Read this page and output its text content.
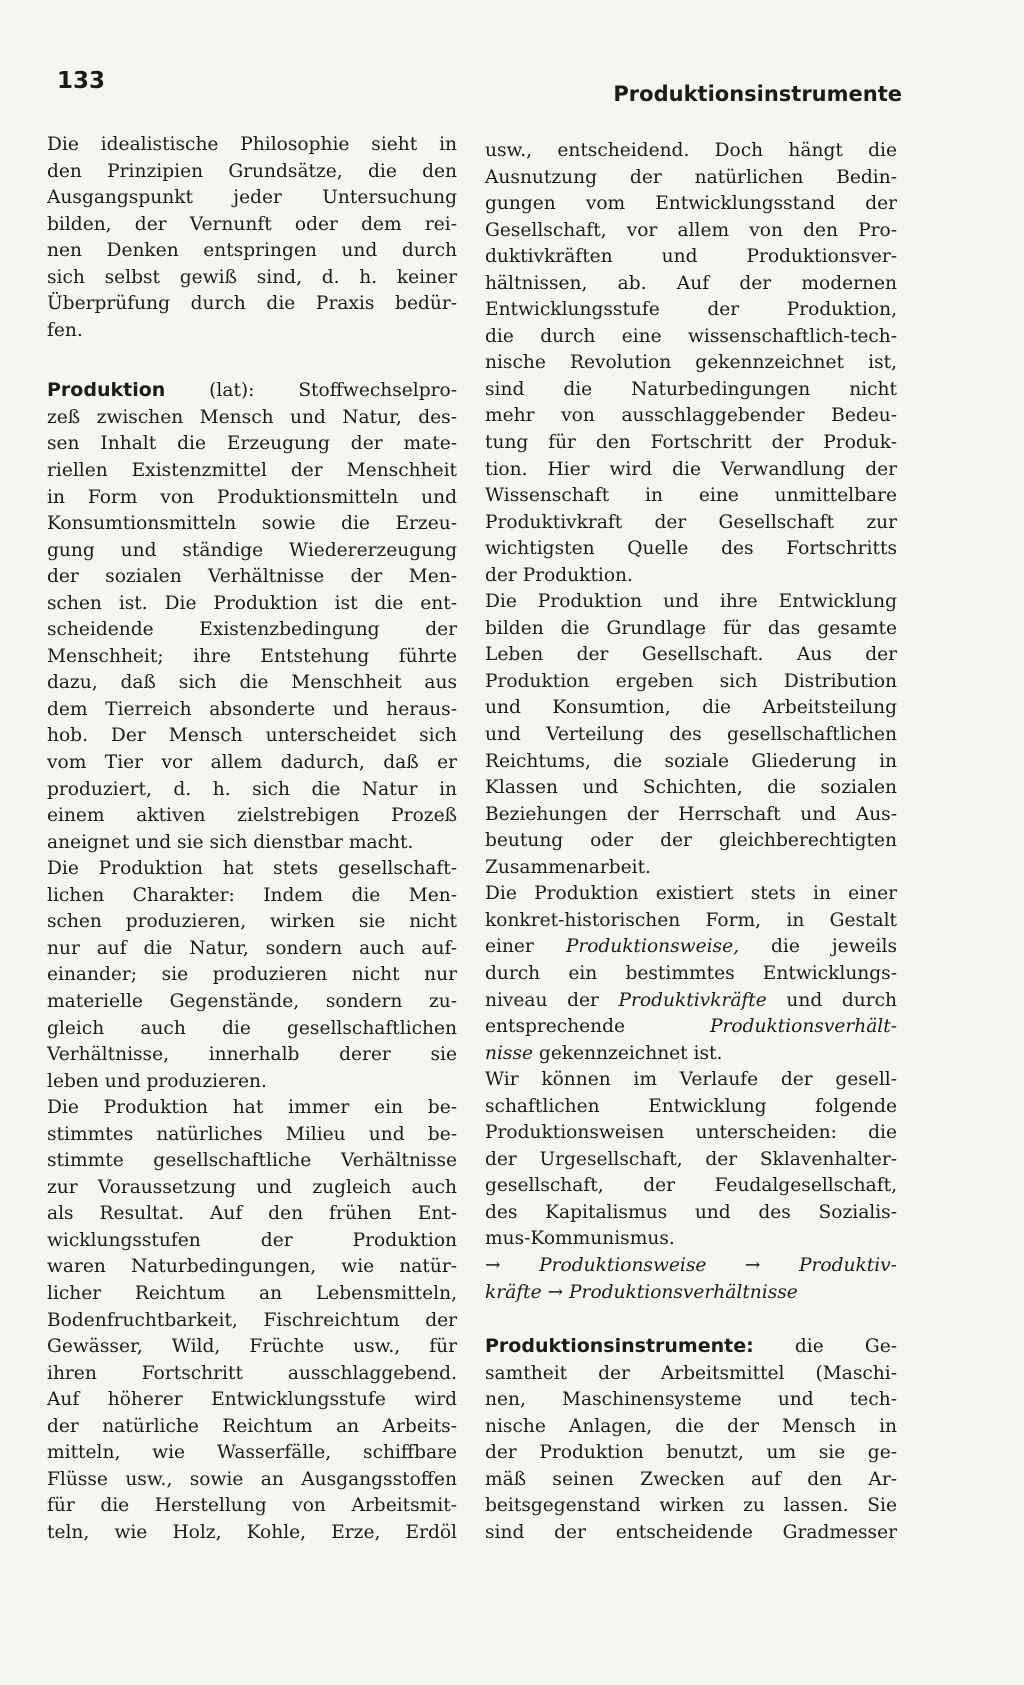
133	Produktionsinstrumente
Die idealistische Philosophie sieht in
den Prinzipien Grundsätze, die den
Ausgangspunkt jeder Untersuchung
bilden, der Vernunft oder dem rei-
nen Denken entspringen und durch
sich selbst gewiß sind, d. h. keiner
Überprüfung durch die Praxis bedür-
fen.
Produktion (lat): Stoffwechselpro-
zeß zwischen Mensch und Natur, des-
sen Inhalt die Erzeugung der mate-
riellen Existenzmittel der Menschheit
in Form von Produktionsmitteln und
Konsumtionsmitteln sowie die Erzeu-
gung und ständige Wiedererzeugung
der sozialen Verhältnisse der Men-
schen ist. Die Produktion ist die ent-
scheidende Existenzbedingung der
Menschheit; ihre Entstehung führte
dazu, daß sich die Menschheit aus
dem Tierreich absonderte und heraus-
hob. Der Mensch unterscheidet sich
vom Tier vor allem dadurch, daß er
produziert, d. h. sich die Natur in
einem aktiven zielstrebigen Prozeß
aneignet und sie sich dienstbar macht.
Die Produktion hat stets gesellschaft-
lichen Charakter: Indem die Men-
schen produzieren, wirken sie nicht
nur auf die Natur, sondern auch auf-
einander; sie produzieren nicht nur
materielle Gegenstände, sondern zu-
gleich auch die gesellschaftlichen
Verhältnisse, innerhalb derer sie
leben und produzieren.
Die Produktion hat immer ein be-
stimmtes natürliches Milieu und be-
stimmte gesellschaftliche Verhältnisse
zur Voraussetzung und zugleich auch
als Resultat. Auf den frühen Ent-
wicklungsstufen der Produktion
waren Naturbedingungen, wie natür-
licher Reichtum an Lebensmitteln,
Bodenfruchtbarkeit, Fischreichtum der
Gewässer, Wild, Früchte usw., für
ihren Fortschritt ausschlaggebend.
Auf höherer Entwicklungsstufe wird
der natürliche Reichtum an Arbeits-
mitteln, wie Wasserfälle, schiffbare
Flüsse usw., sowie an Ausgangsstoffen
für die Herstellung von Arbeitsmit-
teln, wie Holz, Kohle, Erze, Erdöl
usw., entscheidend. Doch hängt die
Ausnutzung der natürlichen Bedin-
gungen vom Entwicklungsstand der
Gesellschaft, vor allem von den Pro-
duktivkräften und Produktionsver-
hältnissen, ab. Auf der modernen
Entwicklungsstufe der Produktion,
die durch eine wissenschaftlich-tech-
nische Revolution gekennzeichnet ist,
sind die Naturbedingungen nicht
mehr von ausschlaggebender Bedeu-
tung für den Fortschritt der Produk-
tion. Hier wird die Verwandlung der
Wissenschaft in eine unmittelbare
Produktivkraft der Gesellschaft zur
wichtigsten Quelle des Fortschritts
der Produktion.
Die Produktion und ihre Entwicklung
bilden die Grundlage für das gesamte
Leben der Gesellschaft. Aus der
Produktion ergeben sich Distribution
und Konsumtion, die Arbeitsteilung
und Verteilung des gesellschaftlichen
Reichtums, die soziale Gliederung in
Klassen und Schichten, die sozialen
Beziehungen der Herrschaft und Aus-
beutung oder der gleichberechtigten
Zusammenarbeit.
Die Produktion existiert stets in einer
konkret-historischen Form, in Gestalt
einer Produktionsweise, die jeweils
durch ein bestimmtes Entwicklungs-
niveau der Produktivkräfte und durch
entsprechende Produktionsverhält-
nisse gekennzeichnet ist.
Wir können im Verlaufe der gesell-
schaftlichen Entwicklung folgende
Produktionsweisen unterscheiden: die
der Urgesellschaft, der Sklavenhalter-
gesellschaft, der Feudalgesellschaft,
des Kapitalismus und des Sozialis-
mus-Kommunismus.
→ Produktionsweise → Produktiv-
kräfte → Produktionsverhältnisse
Produktionsinstrumente: die Ge-
samtheit der Arbeitsmittel (Maschi-
nen, Maschinensysteme und tech-
nische Anlagen, die der Mensch in
der Produktion benutzt, um sie ge-
mäß seinen Zwecken auf den Ar-
beitsgegenstand wirken zu lassen. Sie
sind der entscheidende Gradmesser
